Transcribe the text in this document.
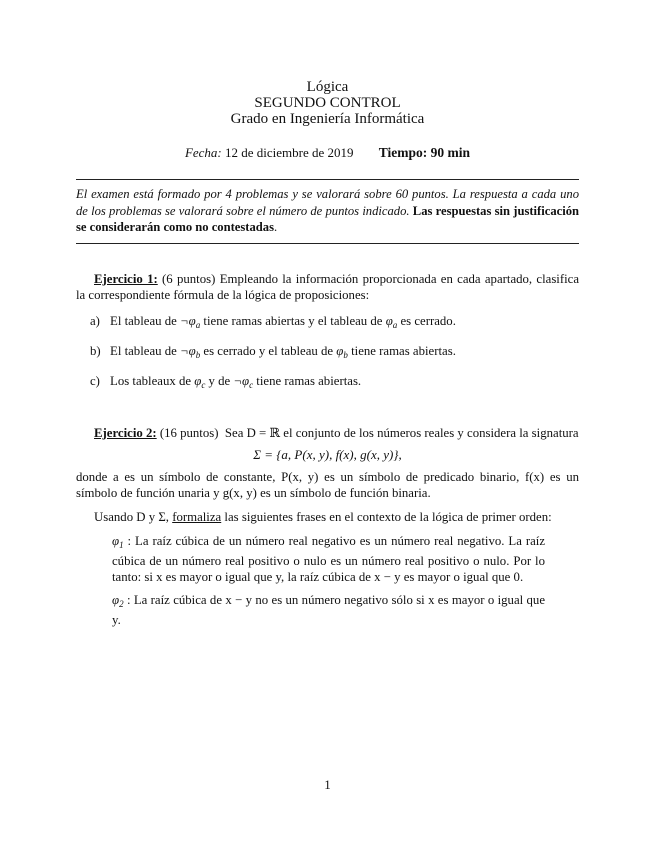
Lógica
SEGUNDO CONTROL
Grado en Ingeniería Informática
Fecha: 12 de diciembre de 2019 Tiempo: 90 min
El examen está formado por 4 problemas y se valorará sobre 60 puntos. La respuesta a cada uno de los problemas se valorará sobre el número de puntos indicado. Las respuestas sin justificación se considerarán como no contestadas.

Ejercicio 1: (6 puntos) Empleando la información proporcionada en cada apartado, clasifica la correspondiente fórmula de la lógica de proposiciones:

a) El tableau de $\neg\varphi_a$ tiene ramas abiertas y el tableau de $\varphi_a$ es cerrado.
b) El tableau de $\neg\varphi_b$ es cerrado y el tableau de $\varphi_b$ tiene ramas abiertas.
c) Los tableaux de $\varphi_c$ y de $\neg\varphi_c$ tiene ramas abiertas.

Ejercicio 2: (16 puntos) Sea D = ℝ el conjunto de los números reales y considera la signatura

Σ = {a, P(x, y), f(x), g(x, y)},

donde a es un símbolo de constante, P(x, y) es un símbolo de predicado binario, f(x) es un símbolo de función unaria y g(x, y) es un símbolo de función binaria.

Usando D y Σ, formaliza las siguientes frases en el contexto de la lógica de primer orden:

$\varphi_1$ : La raíz cúbica de un número real negativo es un número real negativo. La raíz cúbica de un número real positivo o nulo es un número real positivo o nulo. Por lo tanto: si x es mayor o igual que y, la raíz cúbica de x − y es mayor o igual que 0.

$\varphi_2$ : La raíz cúbica de x − y no es un número negativo sólo si x es mayor o igual que y.

1
